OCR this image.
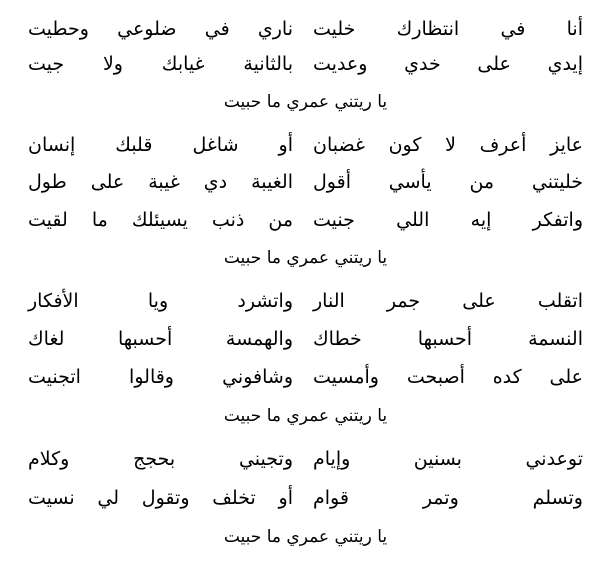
أنا في انتظارك خليت
ناري في ضلوعي وحطيت
إيدي على خدي وعديت
بالثانية غيابك ولا جيت
يا ريتني عمري ما حبيت
عايز أعرف لا كون غضبان
أو شاغل قلبك إنسان
خليتني من يأسي أقول
الغيبة دي غيبة على طول
واتفكر إيه اللي جنيت
من ذنب يسيئلك ما لقيت
يا ريتني عمري ما حبيت
اتقلب على جمر النار
واتشرد ويا الأفكار
النسمة أحسبها خطاك
والهمسة أحسبها لغاك
على كده أصبحت وأمسيت
وشافوني وقالوا اتجنيت
يا ريتني عمري ما حبيت
توعدني بسنين وإيام
وتجيني بحجج وكلام
وتسلم وتمر قوام
أو تخلف وتقول لي نسيت
يا ريتني عمري ما حبيت
